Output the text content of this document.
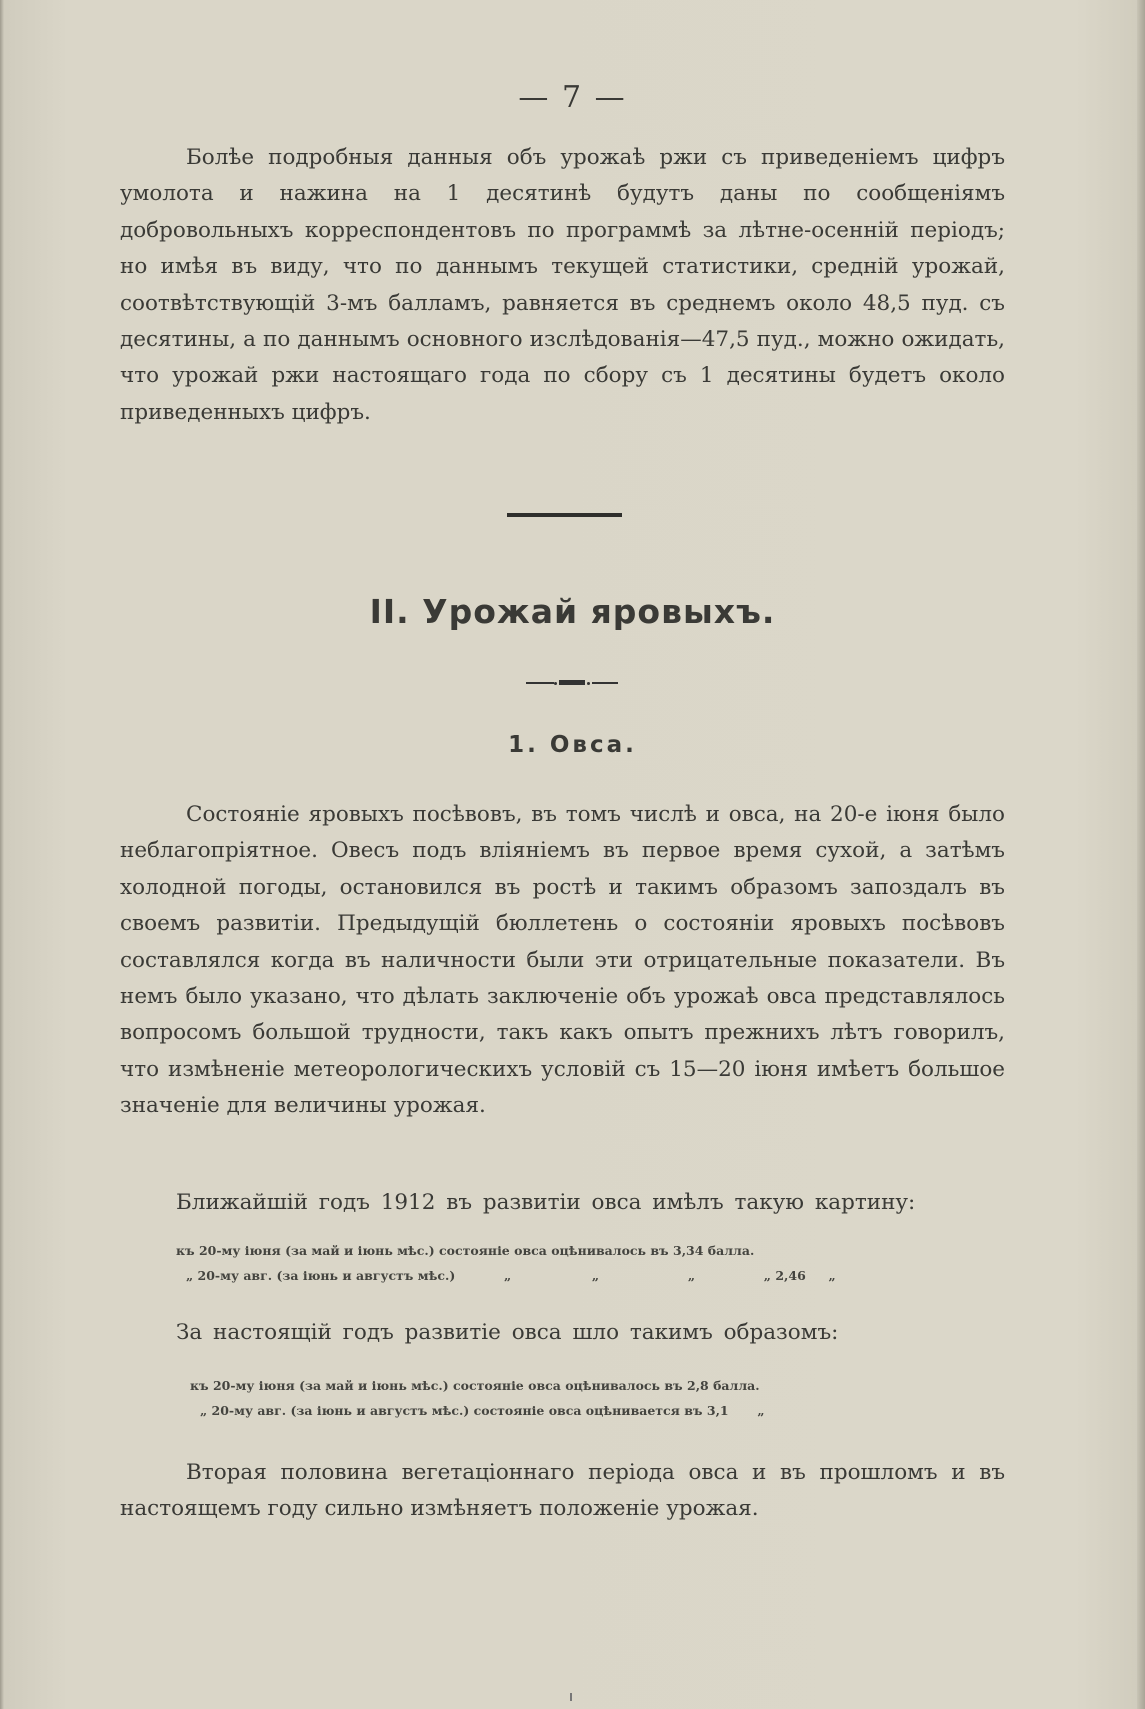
— 7 —

Болѣе подробныя данныя объ урожаѣ ржи съ приведеніемъ цифръ умолота и нажина на 1 десятинѣ будутъ даны по сообщеніямъ добровольныхъ корреспондентовъ по программѣ за лѣтне-осенній періодъ; но имѣя въ виду, что по даннымъ текущей статистики, средній урожай, соотвѣтствующій 3-мъ балламъ, равняется въ среднемъ около 48,5 пуд. съ десятины, а по даннымъ основного изслѣдованія—47,5 пуд., можно ожидать, что урожай ржи настоящаго года по сбору съ 1 десятины будетъ около приведенныхъ цифръ.

II. Урожай яровыхъ.
1. Овса.

Состояніе яровыхъ посѣвовъ, въ томъ числѣ и овса, на 20-е іюня было неблагопріятное. Овесъ подъ вліяніемъ въ первое время сухой, а затѣмъ холодной погоды, остановился въ ростѣ и такимъ образомъ запоздалъ въ своемъ развитіи. Предыдущій бюллетень о состояніи яровыхъ посѣвовъ составлялся когда въ наличности были эти отрицательные показатели. Въ немъ было указано, что дѣлать заключеніе объ урожаѣ овса представлялось вопросомъ большой трудности, такъ какъ опытъ прежнихъ лѣтъ говорилъ, что измѣненіе метеорологическихъ условій съ 15—20 іюня имѣетъ большое значеніе для величины урожая.

Ближайшій годъ 1912 въ развитіи овса имѣлъ такую картину:
къ 20-му іюня (за май и іюнь мѣс.) состояніе овса оцѣнивалось въ 3,34 балла.
„ 20-му авг. (за іюнь и августъ мѣс.)	„	„	„	„ 2,46 „
За настоящій годъ развитіе овса шло такимъ образомъ:
къ 20-му іюня (за май и іюнь мѣс.) состояніе овса оцѣнивалось въ 2,8 балла.
„ 20-му авг. (за іюнь и августъ мѣс.) состояніе овса оцѣнивается въ 3,1 „

Вторая половина вегетаціоннаго періода овса и въ прошломъ и въ настоящемъ году сильно измѣняетъ положеніе урожая.
